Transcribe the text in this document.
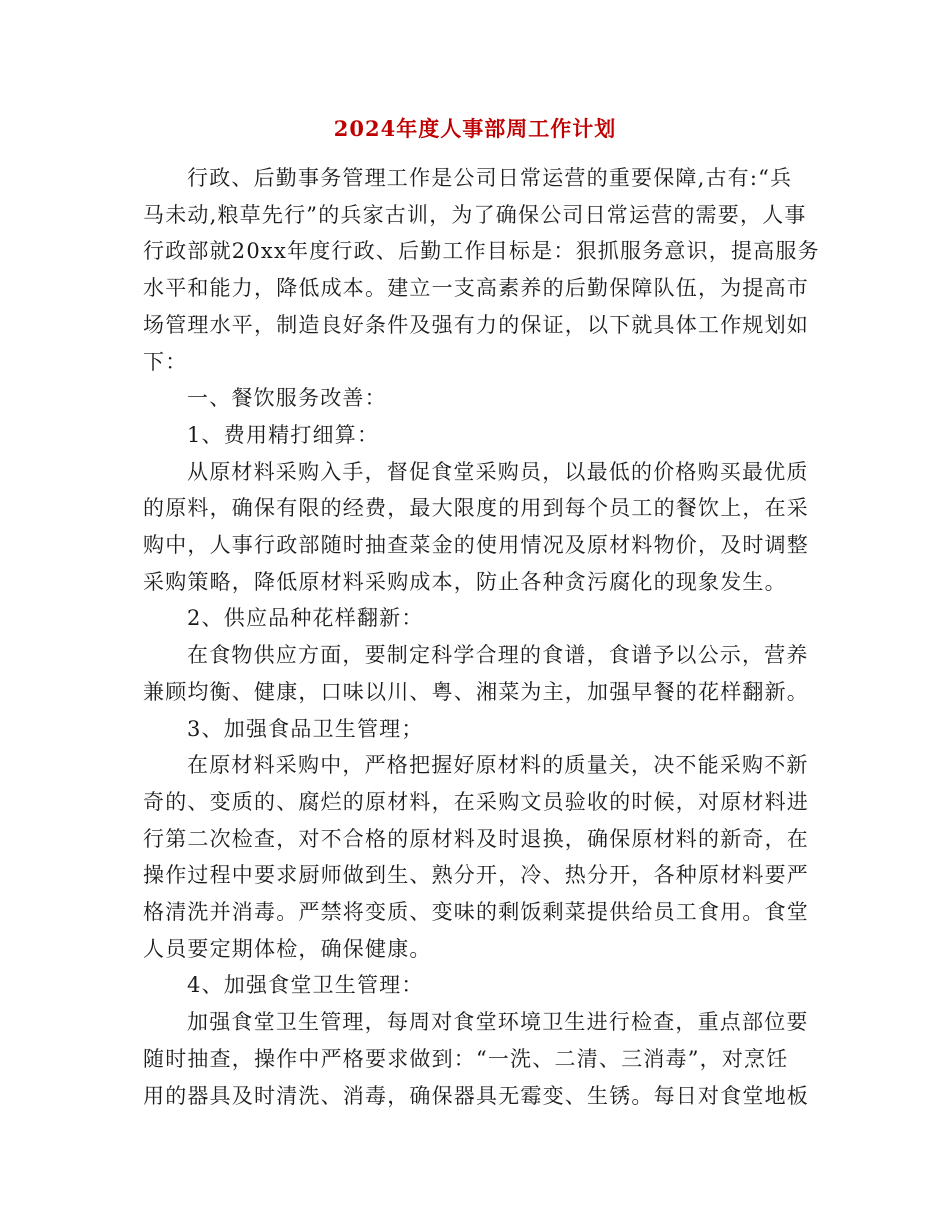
2024年度人事部周工作计划
行政、后勤事务管理工作是公司日常运营的重要保障,古有:“兵
马未动,粮草先行”的兵家古训，为了确保公司日常运营的需要，人事
行政部就20xx年度行政、后勤工作目标是：狠抓服务意识，提高服务
水平和能力，降低成本。建立一支高素养的后勤保障队伍，为提高市
场管理水平，制造良好条件及强有力的保证，以下就具体工作规划如
下：
一、餐饮服务改善：
1、费用精打细算：
从原材料采购入手，督促食堂采购员，以最低的价格购买最优质
的原料，确保有限的经费，最大限度的用到每个员工的餐饮上，在采
购中，人事行政部随时抽查菜金的使用情况及原材料物价，及时调整
采购策略，降低原材料采购成本，防止各种贪污腐化的现象发生。
2、供应品种花样翻新：
在食物供应方面，要制定科学合理的食谱，食谱予以公示，营养
兼顾均衡、健康，口味以川、粤、湘菜为主，加强早餐的花样翻新。
3、加强食品卫生管理；
在原材料采购中，严格把握好原材料的质量关，决不能采购不新
奇的、变质的、腐烂的原材料，在采购文员验收的时候，对原材料进
行第二次检查，对不合格的原材料及时退换，确保原材料的新奇，在
操作过程中要求厨师做到生、熟分开，冷、热分开，各种原材料要严
格清洗并消毒。严禁将变质、变味的剩饭剩菜提供给员工食用。食堂
人员要定期体检，确保健康。
4、加强食堂卫生管理：
加强食堂卫生管理，每周对食堂环境卫生进行检查，重点部位要
随时抽查，操作中严格要求做到：“一洗、二清、三消毒”，对烹饪
用的器具及时清洗、消毒，确保器具无霉变、生锈。每日对食堂地板
